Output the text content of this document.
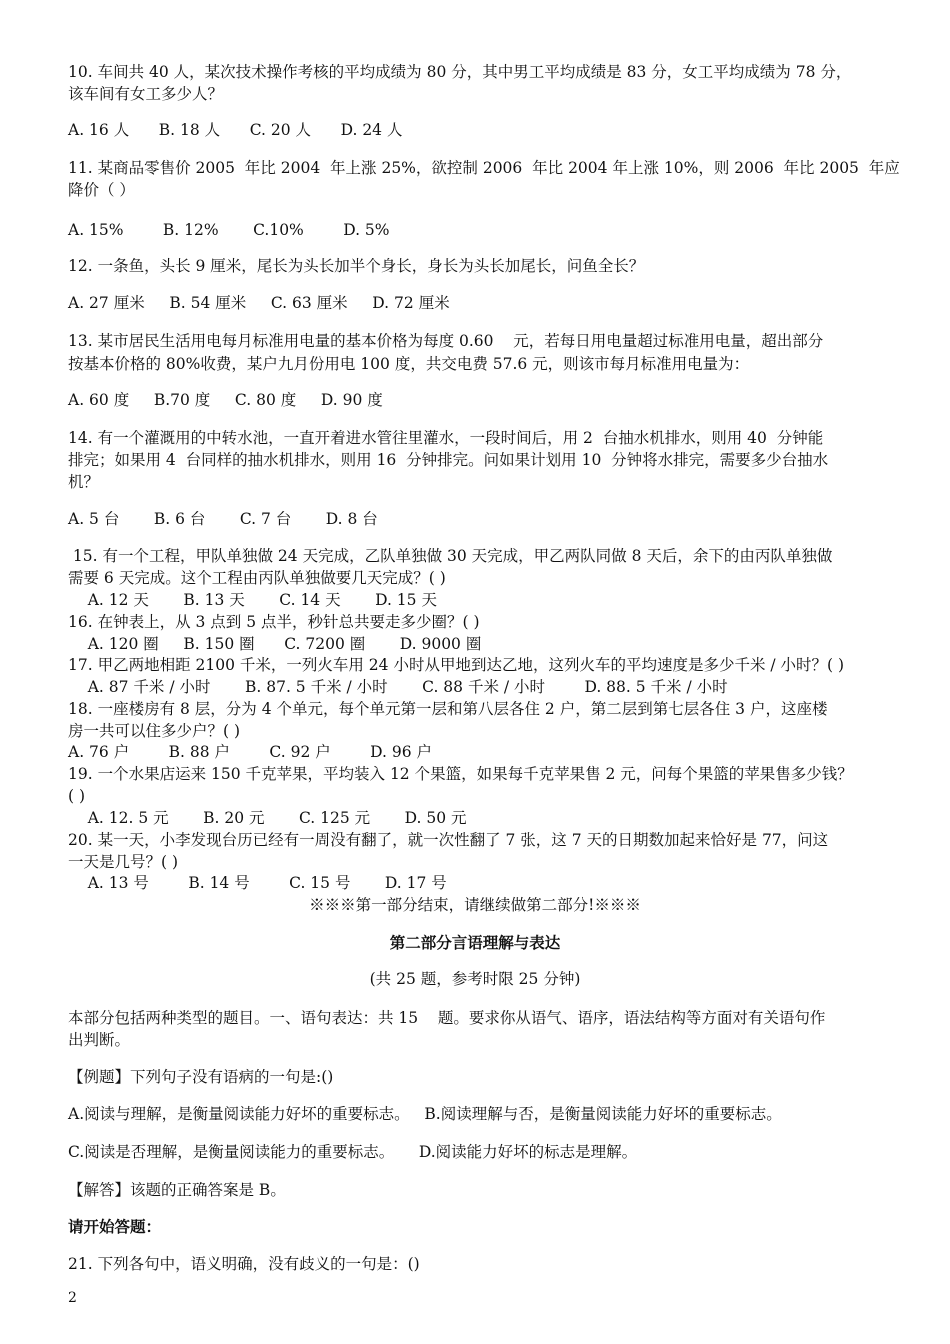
10. 车间共 40 人，某次技术操作考核的平均成绩为 80 分，其中男工平均成绩是 83 分，女工平均成绩为 78 分，
该车间有女工多少人？
A. 16 人      B. 18 人      C. 20 人      D. 24 人
11. 某商品零售价 2005  年比 2004  年上涨 25%，欲控制 2006  年比 2004 年上涨 10%，则 2006  年比 2005  年应
降价（ ）
A. 15%        B. 12%       C.10%        D. 5%
12. 一条鱼，头长 9 厘米，尾长为头长加半个身长，身长为头长加尾长，问鱼全长？
A. 27 厘米     B. 54 厘米     C. 63 厘米     D. 72 厘米
13. 某市居民生活用电每月标准用电量的基本价格为每度 0.60    元，若每日用电量超过标准用电量，超出部分
按基本价格的 80%收费，某户九月份用电 100 度，共交电费 57.6 元，则该市每月标准用电量为：
A. 60 度     B.70 度     C. 80 度     D. 90 度
14. 有一个灌溉用的中转水池，一直开着进水管往里灌水，一段时间后，用 2  台抽水机排水，则用 40  分钟能
排完；如果用 4  台同样的抽水机排水，则用 16  分钟排完。问如果计划用 10  分钟将水排完，需要多少台抽水
机？
A. 5 台       B. 6 台       C. 7 台       D. 8 台
15. 有一个工程，甲队单独做 24 天完成，乙队单独做 30 天完成，甲乙两队同做 8 天后，余下的由丙队单独做
需要 6 天完成。这个工程由丙队单独做要几天完成？( )
A. 12 天       B. 13 天       C. 14 天       D. 15 天
16. 在钟表上，从 3 点到 5 点半，秒针总共要走多少圈？( )
A. 120 圈     B. 150 圈      C. 7200 圈       D. 9000 圈
17. 甲乙两地相距 2100 千米，一列火车用 24 小时从甲地到达乙地，这列火车的平均速度是多少千米 / 小时？( )
A. 87 千米 / 小时       B. 87. 5 千米 / 小时       C. 88 千米 / 小时        D. 88. 5 千米 / 小时
18. 一座楼房有 8 层，分为 4 个单元，每个单元第一层和第八层各住 2 户，第二层到第七层各住 3 户，这座楼
房一共可以住多少户？( )
A. 76 户        B. 88 户        C. 92 户        D. 96 户
19. 一个水果店运来 150 千克苹果，平均装入 12 个果篮，如果每千克苹果售 2 元，问每个果篮的苹果售多少钱？
( )
A. 12. 5 元       B. 20 元       C. 125 元       D. 50 元
20. 某一天，小李发现台历已经有一周没有翻了，就一次性翻了 7 张，这 7 天的日期数加起来恰好是 77，问这
一天是几号？( )
A. 13 号        B. 14 号        C. 15 号       D. 17 号
※※※第一部分结束，请继续做第二部分!※※※
第二部分言语理解与表达
(共 25 题，参考时限 25 分钟)
本部分包括两种类型的题目。一、语句表达：共 15    题。要求你从语气、语序，语法结构等方面对有关语句作
出判断。
【例题】下列句子没有语病的一句是:()
A.阅读与理解，是衡量阅读能力好坏的重要标志。   B.阅读理解与否，是衡量阅读能力好坏的重要标志。
C.阅读是否理解，是衡量阅读能力的重要标志。     D.阅读能力好坏的标志是理解。
【解答】该题的正确答案是 B。
请开始答题：
21. 下列各句中，语义明确，没有歧义的一句是：()
2
